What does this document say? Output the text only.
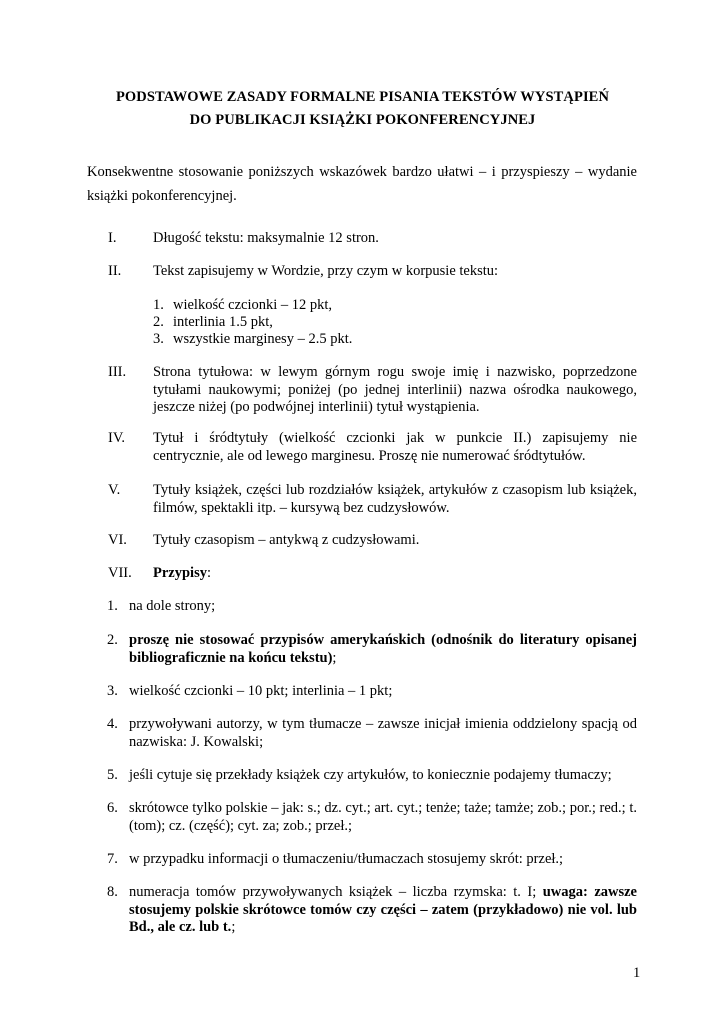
PODSTAWOWE ZASADY FORMALNE PISANIA TEKSTÓW WYSTĄPIEŃ
DO PUBLIKACJI KSIĄŻKI POKONFERENCYJNEJ
Konsekwentne stosowanie poniższych wskazówek bardzo ułatwi – i przyspieszy – wydanie książki pokonferencyjnej.
I.	Długość tekstu: maksymalnie 12 stron.
II. Tekst zapisujemy w Wordzie, przy czym w korpusie tekstu:
1. wielkość czcionki – 12 pkt,
2. interlinia 1.5 pkt,
3. wszystkie marginesy – 2.5 pkt.
III. Strona tytułowa: w lewym górnym rogu swoje imię i nazwisko, poprzedzone tytułami naukowymi; poniżej (po jednej interlinii) nazwa ośrodka naukowego, jeszcze niżej (po podwójnej interlinii) tytuł wystąpienia.
IV. Tytuł i śródtytuły (wielkość czcionki jak w punkcie II.) zapisujemy nie centrycznie, ale od lewego marginesu. Proszę nie numerować śródtytułów.
V. Tytuły książek, części lub rozdziałów książek, artykułów z czasopism lub książek, filmów, spektakli itp. – kursywą bez cudzysłowów.
VI. Tytuły czasopism – antykwą z cudzysłowami.
VII. Przypisy:
1. na dole strony;
2. proszę nie stosować przypisów amerykańskich (odnośnik do literatury opisanej bibliograficznie na końcu tekstu);
3. wielkość czcionki – 10 pkt; interlinia – 1 pkt;
4. przywoływani autorzy, w tym tłumacze – zawsze inicjał imienia oddzielony spacją od nazwiska: J. Kowalski;
5. jeśli cytuje się przekłady książek czy artykułów, to koniecznie podajemy tłumaczy;
6. skrótowce tylko polskie – jak: s.; dz. cyt.; art. cyt.; tenże; taże; tamże; zob.; por.; red.; t.(tom); cz. (część); cyt. za; zob.; przeł.;
7. w przypadku informacji o tłumaczeniu/tłumaczach stosujemy skrót: przeł.;
8. numeracja tomów przywoływanych książek – liczba rzymska: t. I; uwaga: zawsze stosujemy polskie skrótowce tomów czy części – zatem (przykładowo) nie vol. lub Bd., ale cz. lub t.;
1
